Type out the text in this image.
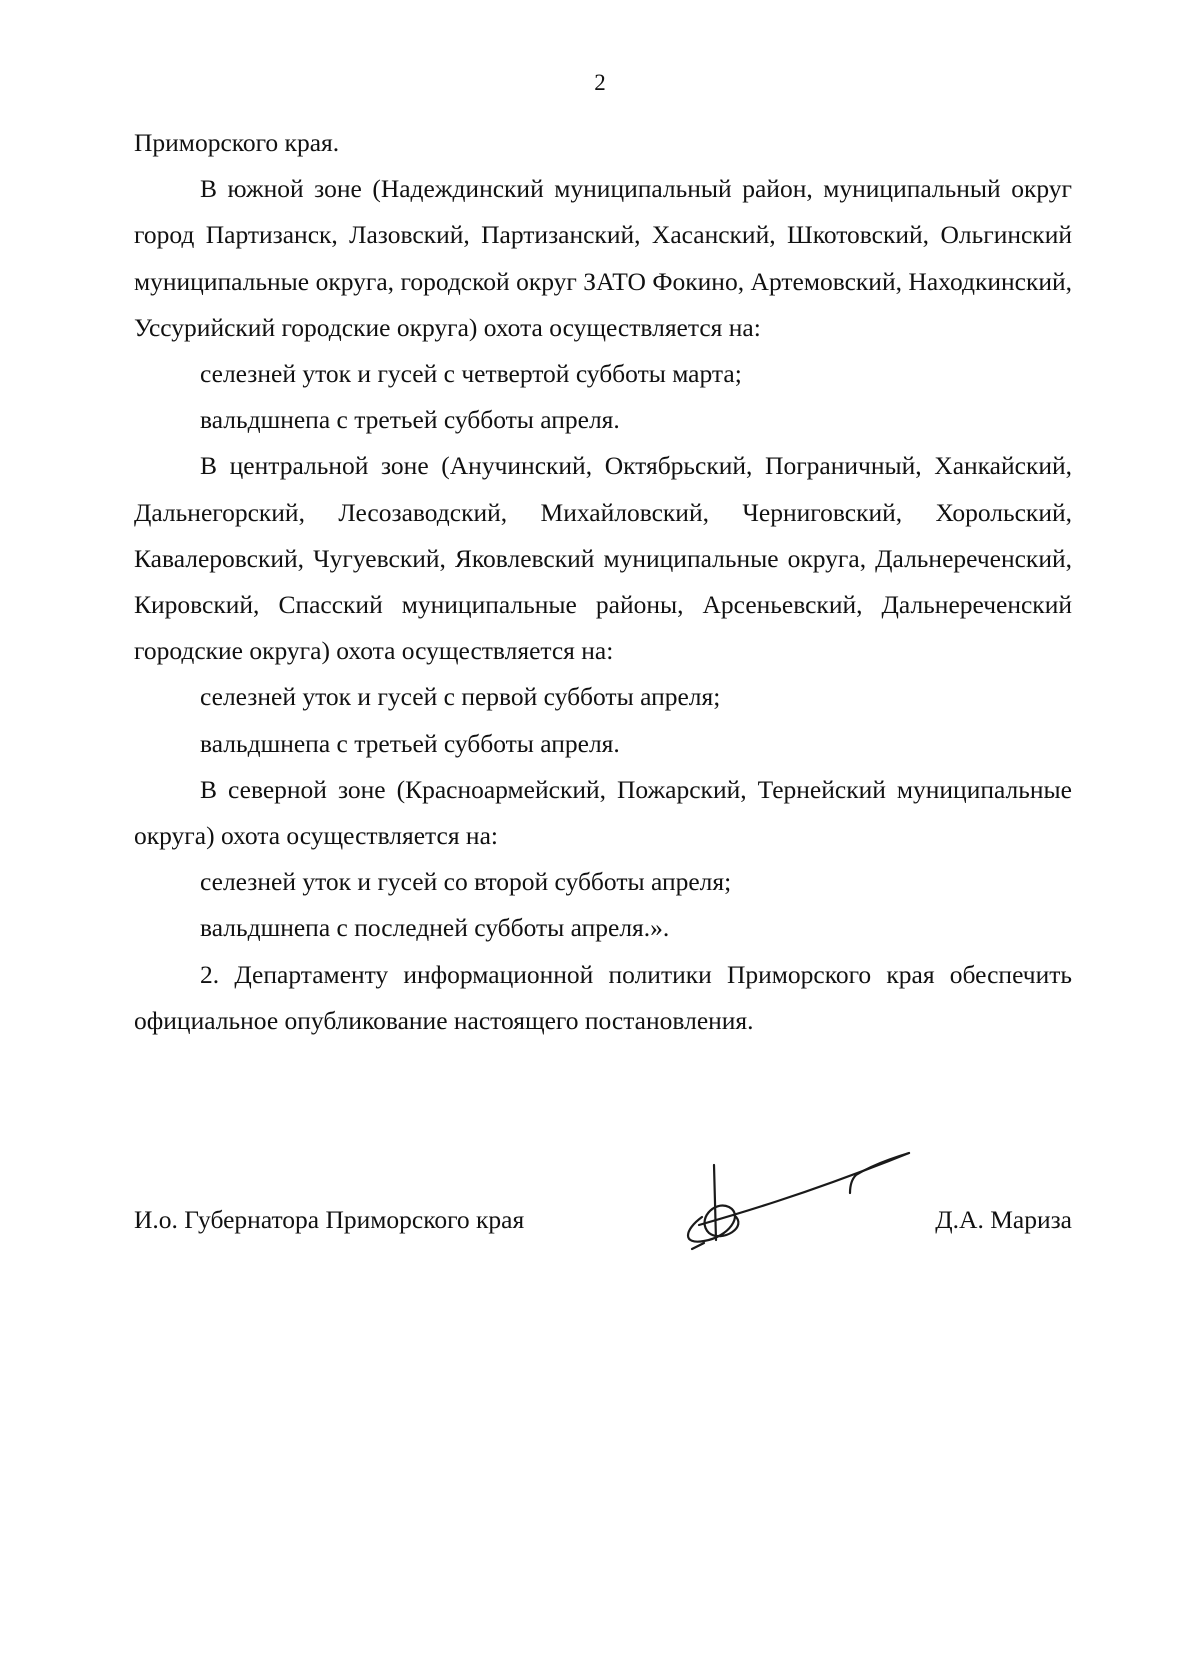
2

Приморского края.

В южной зоне (Надеждинский муниципальный район, муниципальный округ город Партизанск, Лазовский, Партизанский, Хасанский, Шкотовский, Ольгинский муниципальные округа, городской округ ЗАТО Фокино, Артемовский, Находкинский, Уссурийский городские округа) охота осуществляется на:

селезней уток и гусей с четвертой субботы марта;

вальдшнепа с третьей субботы апреля.

В центральной зоне (Анучинский, Октябрьский, Пограничный, Ханкайский, Дальнегорский, Лесозаводский, Михайловский, Черниговский, Хорольский, Кавалеровский, Чугуевский, Яковлевский муниципальные округа, Дальнереченский, Кировский, Спасский муниципальные районы, Арсеньевский, Дальнереченский городские округа) охота осуществляется на:

селезней уток и гусей с первой субботы апреля;

вальдшнепа с третьей субботы апреля.

В северной зоне (Красноармейский, Пожарский, Тернейский муниципальные округа) охота осуществляется на:

селезней уток и гусей со второй субботы апреля;

вальдшнепа с последней субботы апреля.».

2. Департаменту информационной политики Приморского края обеспечить официальное опубликование настоящего постановления.

И.о. Губернатора Приморского края	Д.А. Мариза
